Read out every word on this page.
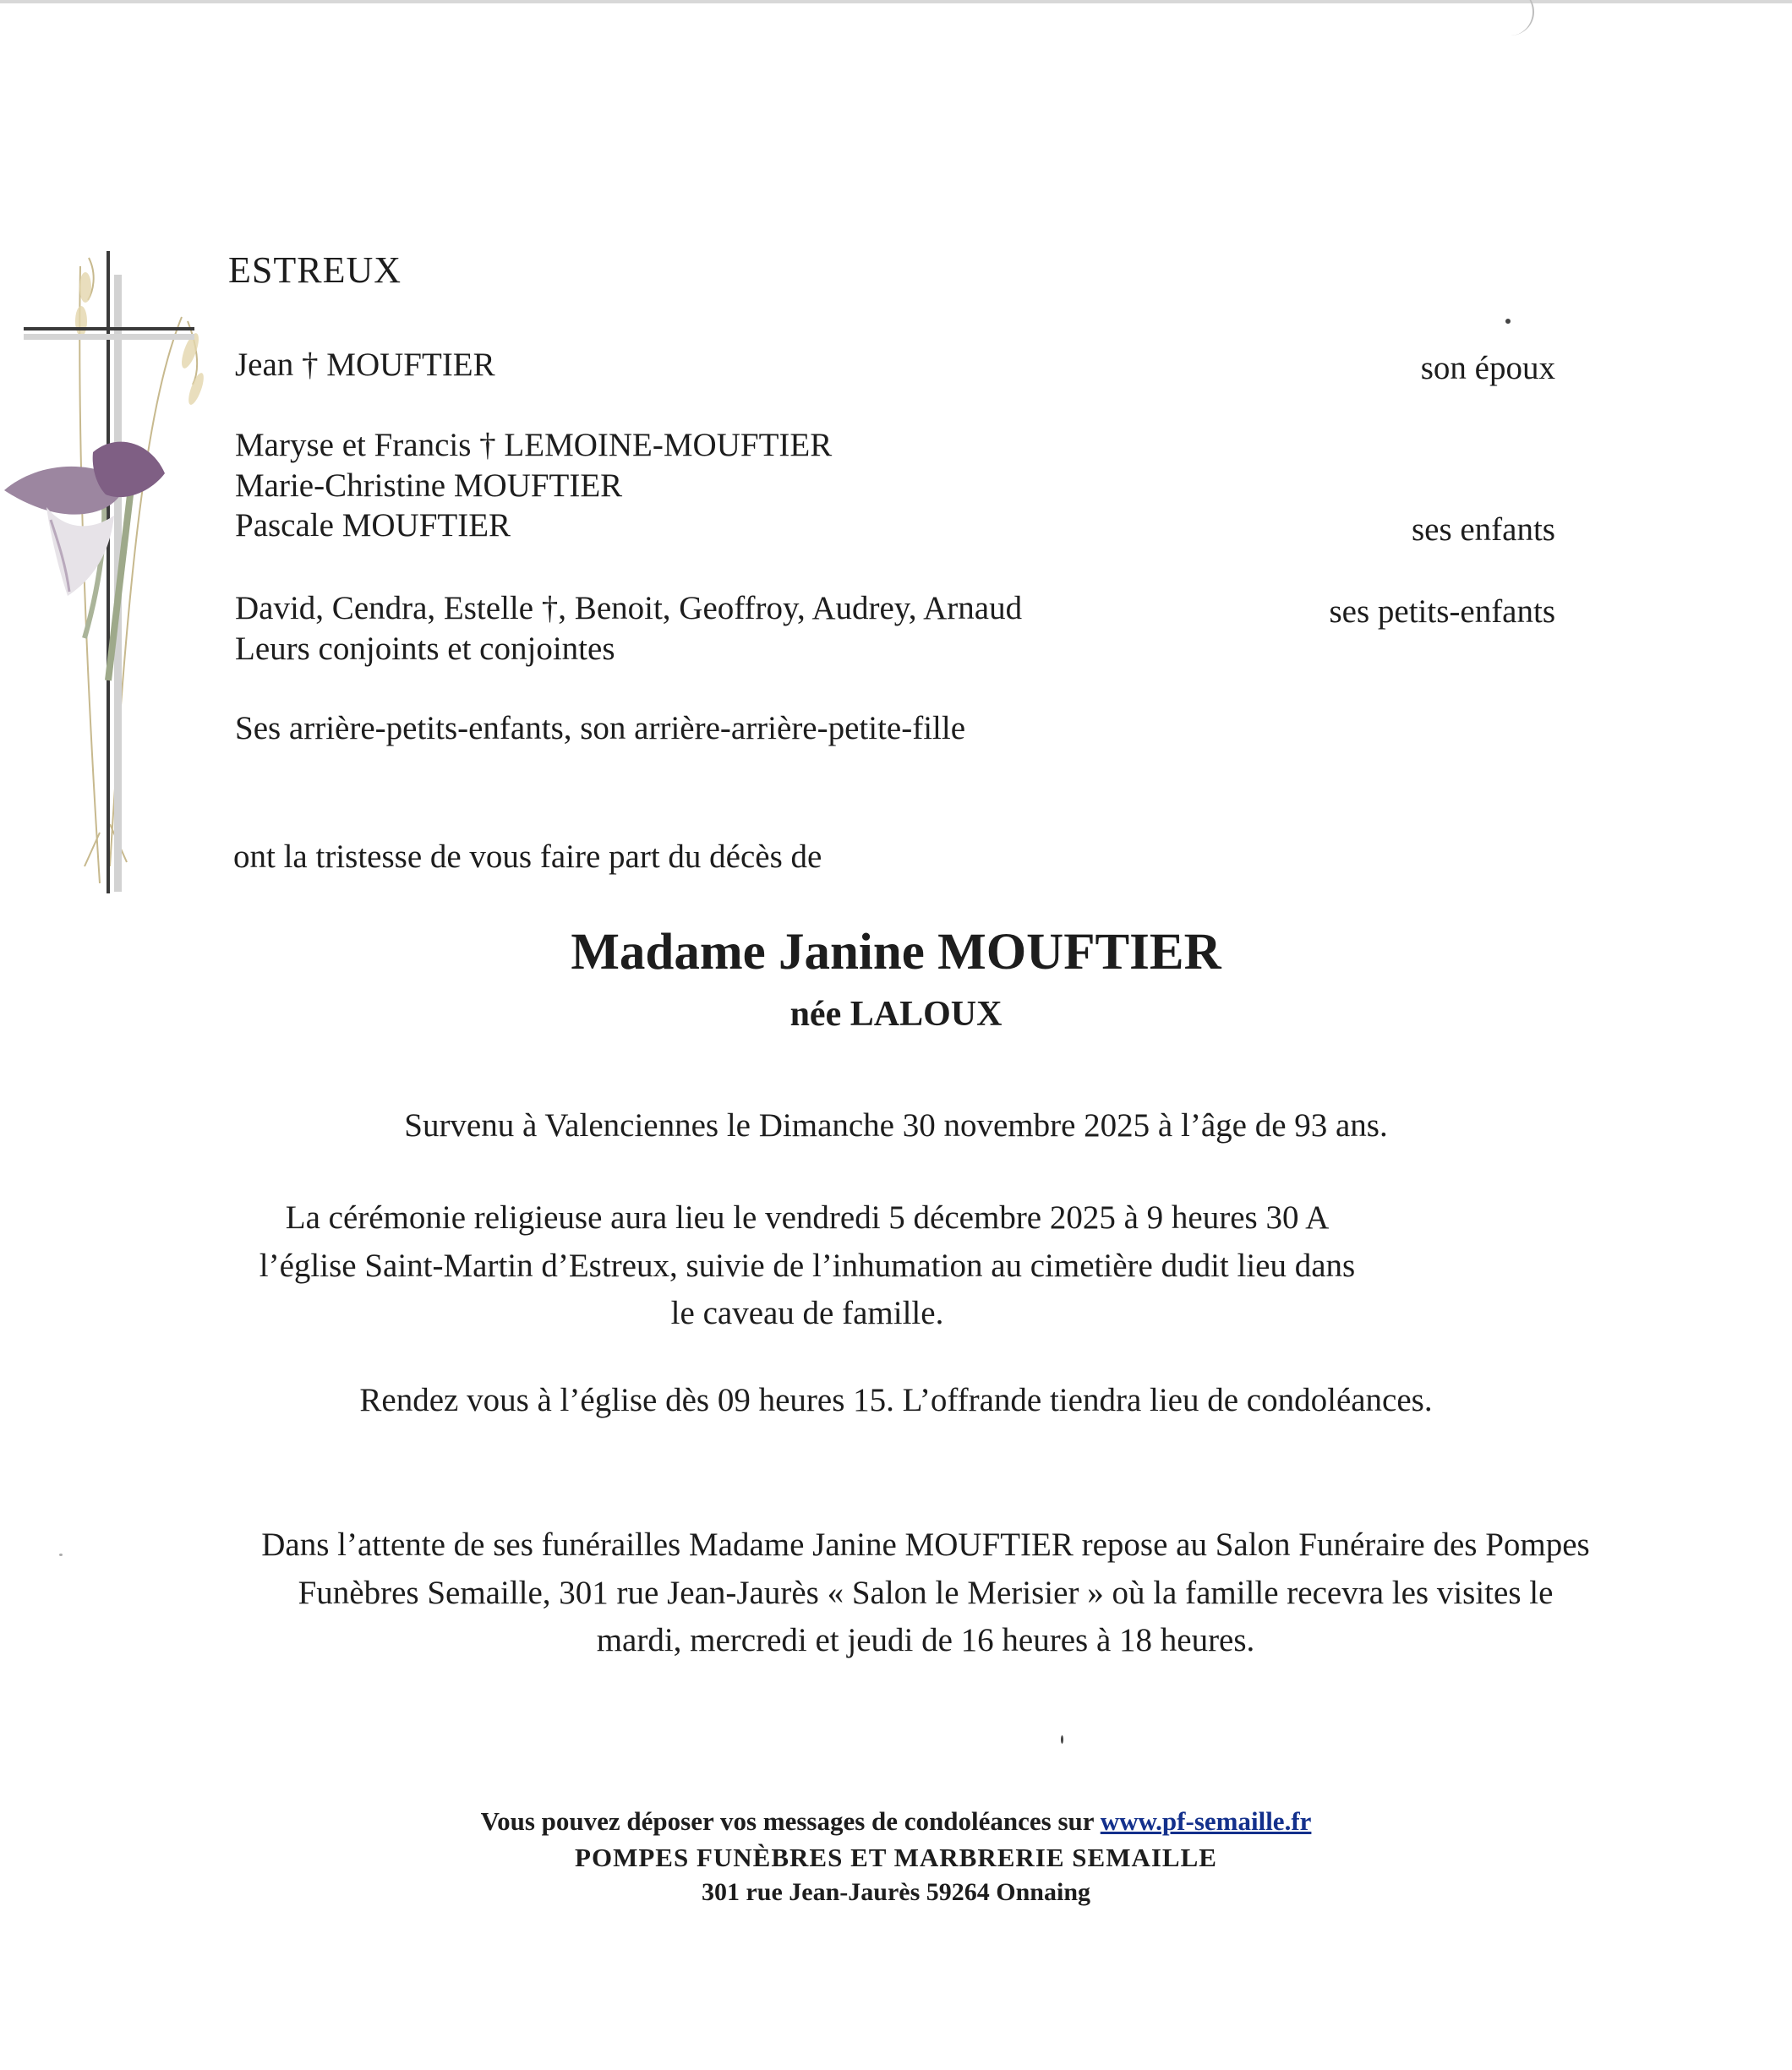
ESTREUX
Jean † MOUFTIER	son époux
Maryse et Francis † LEMOINE-MOUFTIER
Marie-Christine MOUFTIER
Pascale MOUFTIER	ses enfants
David, Cendra, Estelle †, Benoit, Geoffroy, Audrey, Arnaud
Leurs conjoints et conjointes
ses petits-enfants
Ses arrière-petits-enfants, son arrière-arrière-petite-fille
ont la tristesse de vous faire part du décès de
Madame Janine MOUFTIER
née LALOUX
Survenu à Valenciennes le Dimanche 30 novembre 2025 à l’âge de 93 ans.
La cérémonie religieuse aura lieu le vendredi 5 décembre 2025 à 9 heures 30 A l’église Saint-Martin d’Estreux, suivie de l’inhumation au cimetière dudit lieu dans le caveau de famille.
Rendez vous à l’église dès 09 heures 15. L’offrande tiendra lieu de condoléances.
Dans l’attente de ses funérailles Madame Janine MOUFTIER repose au Salon Funéraire des Pompes Funèbres Semaille, 301 rue Jean-Jaurès « Salon le Merisier » où la famille recevra les visites le mardi, mercredi et jeudi de 16 heures à 18 heures.
Vous pouvez déposer vos messages de condoléances sur www.pf-semaille.fr
POMPES FUNÈBRES ET MARBRERIE SEMAILLE
301 rue Jean-Jaurès 59264 Onnaing
